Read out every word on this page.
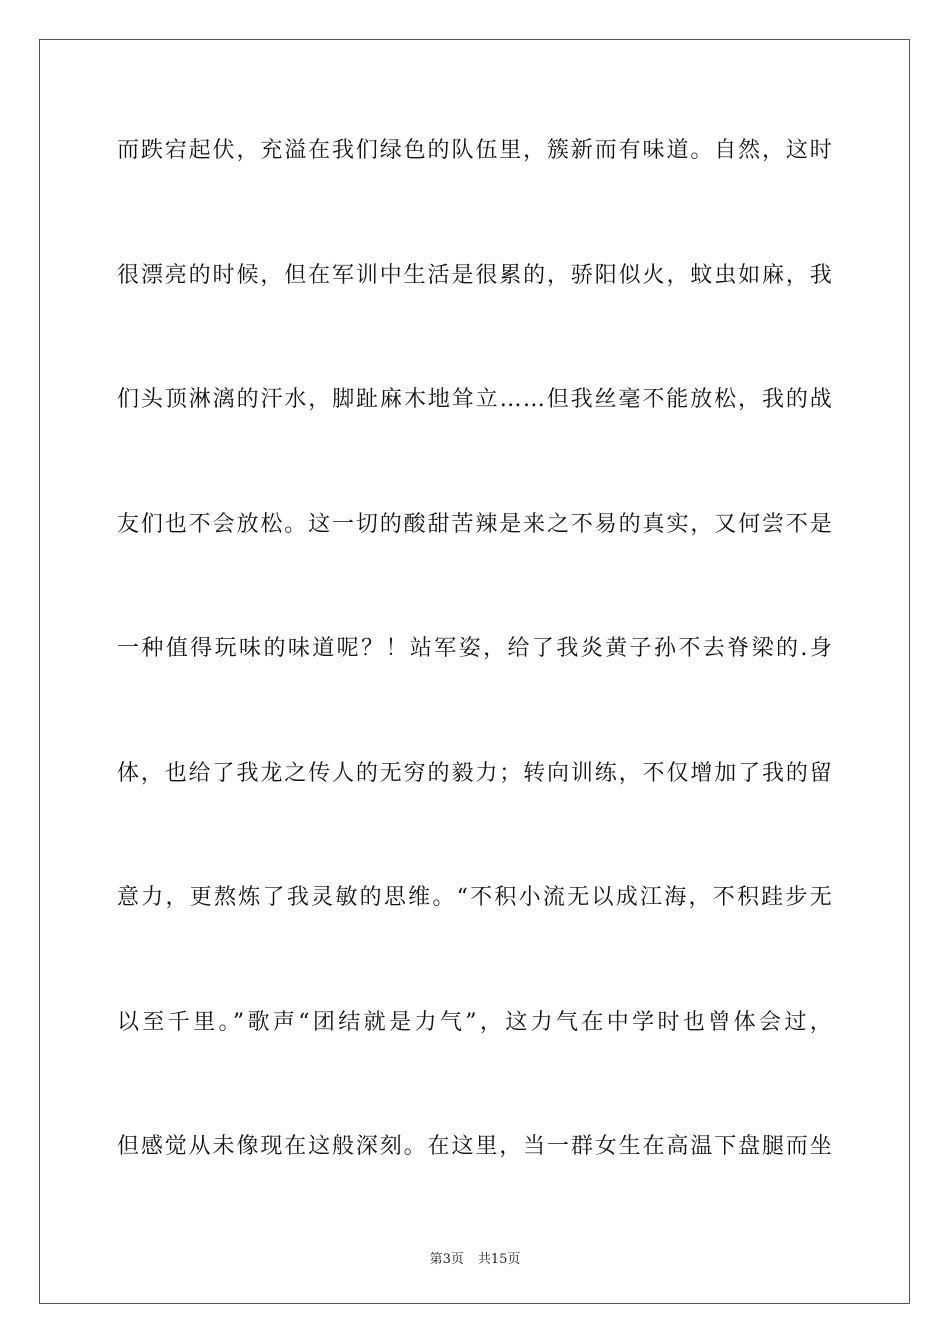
而跌宕起伏，充溢在我们绿色的队伍里，簇新而有味道。自然，这时
很漂亮的时候，但在军训中生活是很累的，骄阳似火，蚊虫如麻，我
们头顶淋漓的汗水，脚趾麻木地耸立……但我丝毫不能放松，我的战
友们也不会放松。这一切的酸甜苦辣是来之不易的真实，又何尝不是
一种值得玩味的味道呢？！站军姿，给了我炎黄子孙不去脊梁的.身
体，也给了我龙之传人的无穷的毅力；转向训练，不仅增加了我的留
意力，更熬炼了我灵敏的思维。“不积小流无以成江海，不积跬步无
以至千里。”歌声“团结就是力气”，这力气在中学时也曾体会过，
但感觉从未像现在这般深刻。在这里，当一群女生在高温下盘腿而坐
第3页 共15页
